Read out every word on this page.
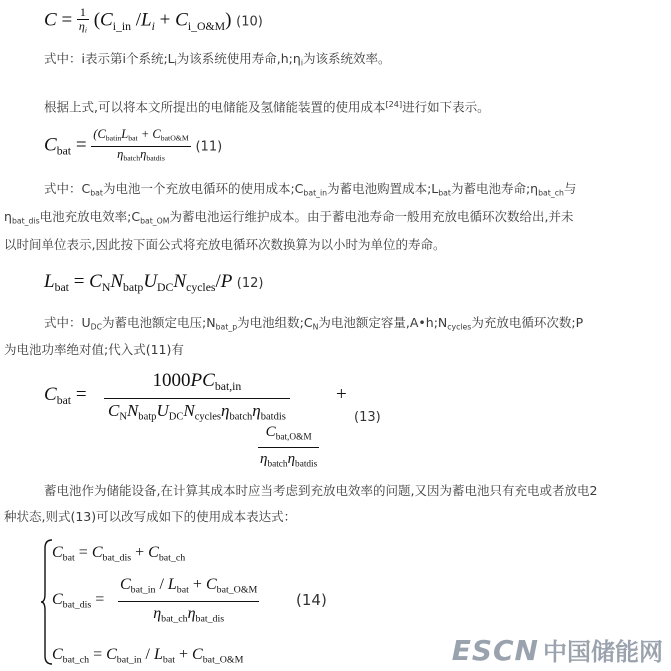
$C = \frac{1}{\eta_i} (C_{i\_in}$ $/L_i + C_{i\_O\&M}$) (10)
式中：i表示第i个系统$;L_i$为该系统使用寿命$,h;\eta_i$为该系统效率。
根据上式,可以将本文所提出的电储能及氢储能装置的使用成本[24]进行如下表示。
$C_{bat} = \frac{(C_{batin}L_{bat} + C_{batO\&M}}{\eta_{batch}\eta_{batdis}} (11)$
式中：$C_{bat}$为电池一个充放电循环的使用成本$;C_{bat\_in}$为蓄电池购置成本$;L_{bat}$为蓄电池寿命$;\eta_{bat\_ch}$与
$\eta_{bat\_dis}$电池充放电效率$;C_{bat\_OM}$为蓄电池运行维护成本。由于蓄电池寿命一般用充放电循环次数给出,并未
以时间单位表示,因此按下面公式将充放电循环次数换算为以小时为单位的寿命。
$L_{bat} = C_NN_{batp}U_{DC}N_{cycles}/P$ (12)
式中：$U_{DC}$为蓄电池额定电压$;N_{bat\_p}$为电池组数$;C_N$为电池额定容量$,A•h;N_{cycles}$为充放电循环次数;P
为电池功率绝对值;代入式(11)有
$C_{bat}$ =
$1000PC_{bat,in}$
$C_NN_{batp}U_{DC}N_{cycles}\eta_{batch}\eta_{batdis}$
+
$C_{bat,O\&M}$
$\eta_{batch}\eta_{batdis}$
(13)
蓄电池作为储能设备,在计算其成本时应当考虑到充放电效率的问题,又因为蓄电池只有充电或者放电2
种状态,则式(13)可以改写成如下的使用成本表达式：
$C_{bat} = C_{bat\_dis} + C_{bat\_ch}$
$C_{bat\_dis}$ =
$C_{bat\_in} / L_{bat} + C_{bat\_O\&M}$
$\eta_{bat\_ch}\eta_{bat\_dis}$
(14)
$C_{bat\_ch} = C_{bat\_in} / L_{bat} + C_{bat\_O\&M}$	ESCN 中国储能网
